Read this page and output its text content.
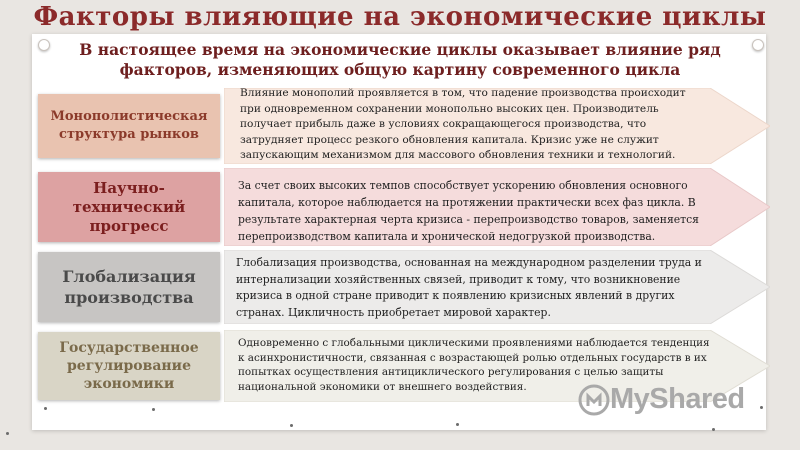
Факторы влияющие на экономические циклы
В настоящее время на экономические циклы оказывает влияние ряд факторов, изменяющих общую картину современного цикла
Монополистическая структура рынков
Влияние монополий проявляется в том, что падение производства происходит при одновременном сохранении монопольно высоких цен. Производитель получает прибыль даже в условиях сокращающегося производства, что затрудняет процесс резкого обновления капитала. Кризис уже не служит запускающим механизмом для массового обновления техники и технологий.
Научно-технический прогресс
За счет своих высоких темпов способствует ускорению обновления основного капитала, которое наблюдается на протяжении практически всех фаз цикла. В результате характерная черта кризиса - перепроизводство товаров, заменяется перепроизводством капитала и хронической недогрузкой производства.
Глобализация производства
Глобализация производства, основанная на международном разделении труда и интернализации хозяйственных связей, приводит к тому, что возникновение кризиса в одной стране приводит к появлению кризисных явлений в других странах. Цикличность приобретает мировой характер.
Государственное регулирование экономики
Одновременно с глобальными циклическими проявлениями наблюдается тенденция к асинхронистичности, связанная с возрастающей ролью отдельных государств в их попытках осуществления антициклического регулирования с целью защиты национальной экономики от внешнего воздействия.	MyShared
